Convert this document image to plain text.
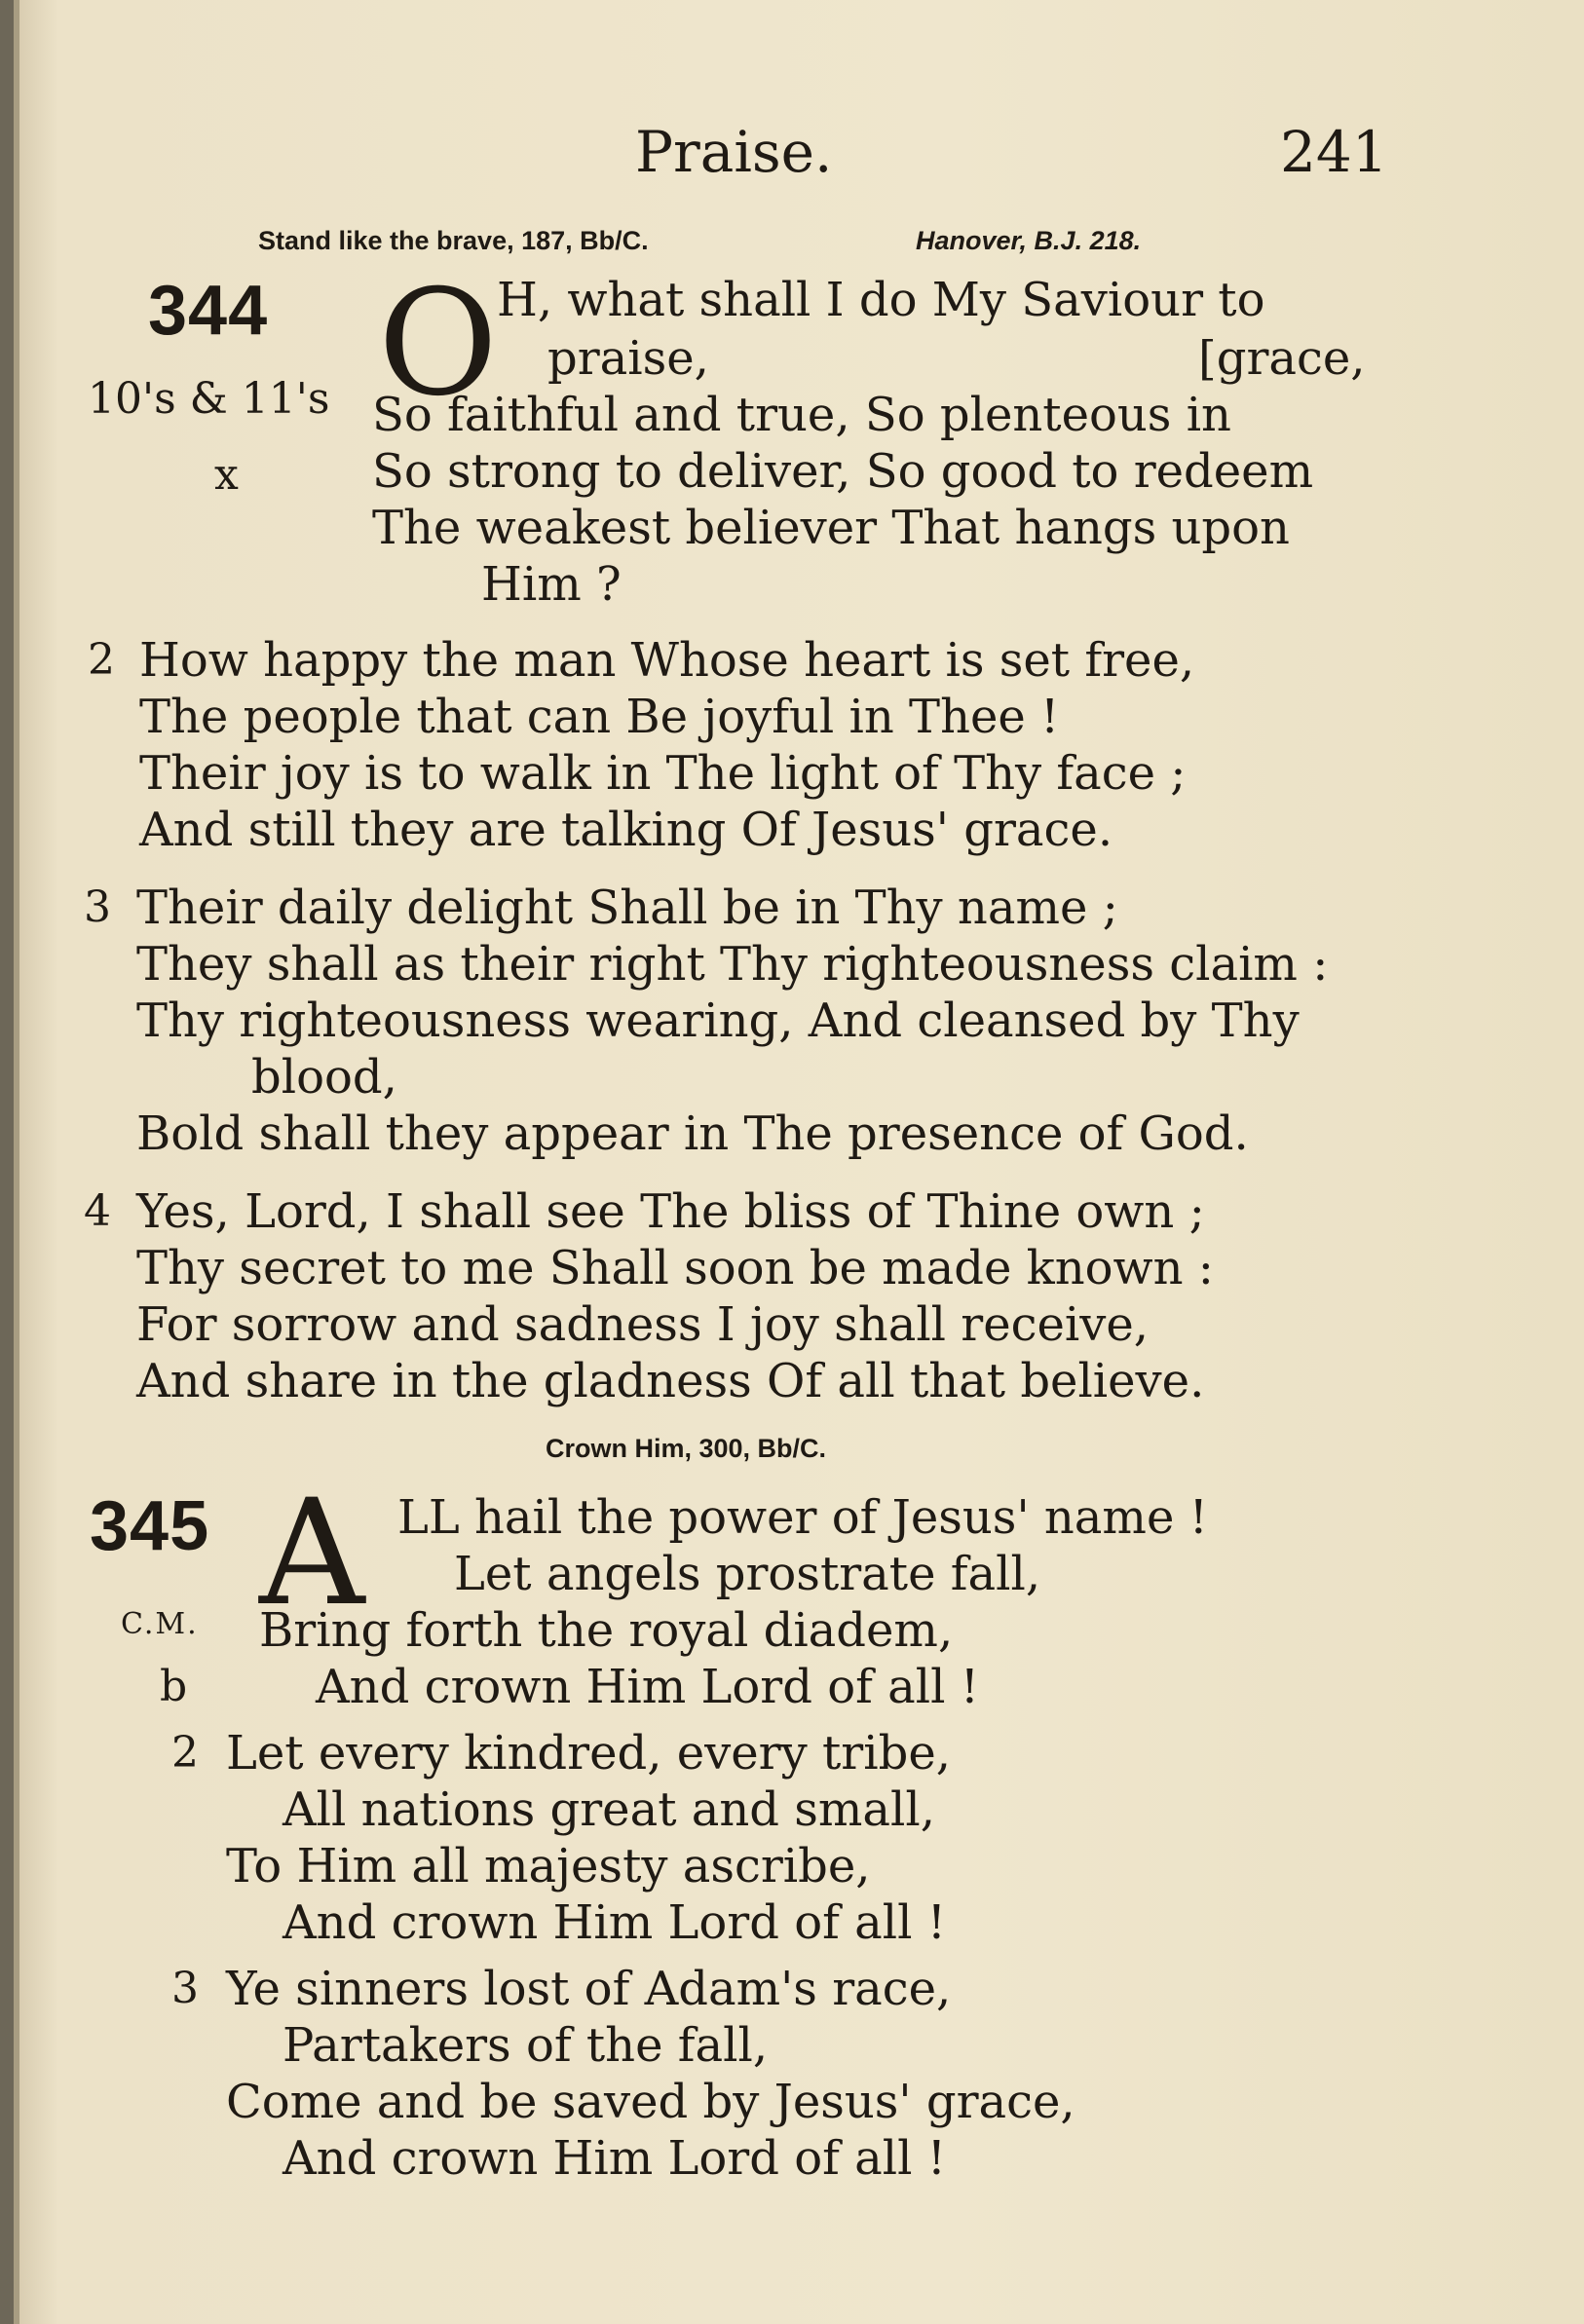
Praise.	241
Stand like the brave, 187, Bb/C.	Hanover, B.J. 218.
344 O
10's & 11's
x
H, what shall I do My Saviour to
praise,	[grace,
So faithful and true, So plenteous in
So strong to deliver, So good to redeem
The weakest believer That hangs upon
Him ?
2 How happy the man Whose heart is set free,
The people that can Be joyful in Thee !
Their joy is to walk in The light of Thy face ;
And still they are talking Of Jesus' grace.
3 Their daily delight Shall be in Thy name ;
They shall as their right Thy righteousness claim :
Thy righteousness wearing, And cleansed by Thy
blood,
Bold shall they appear in The presence of God.
4 Yes, Lord, I shall see The bliss of Thine own ;
Thy secret to me Shall soon be made known :
For sorrow and sadness I joy shall receive,
And share in the gladness Of all that believe.
Crown Him, 300, Bb/C.
345 A
C.M.
b
LL hail the power of Jesus' name !
Let angels prostrate fall,
Bring forth the royal diadem,
And crown Him Lord of all !
2 Let every kindred, every tribe,
All nations great and small,
To Him all majesty ascribe,
And crown Him Lord of all !
3 Ye sinners lost of Adam's race,
Partakers of the fall,
Come and be saved by Jesus' grace,
And crown Him Lord of all !
